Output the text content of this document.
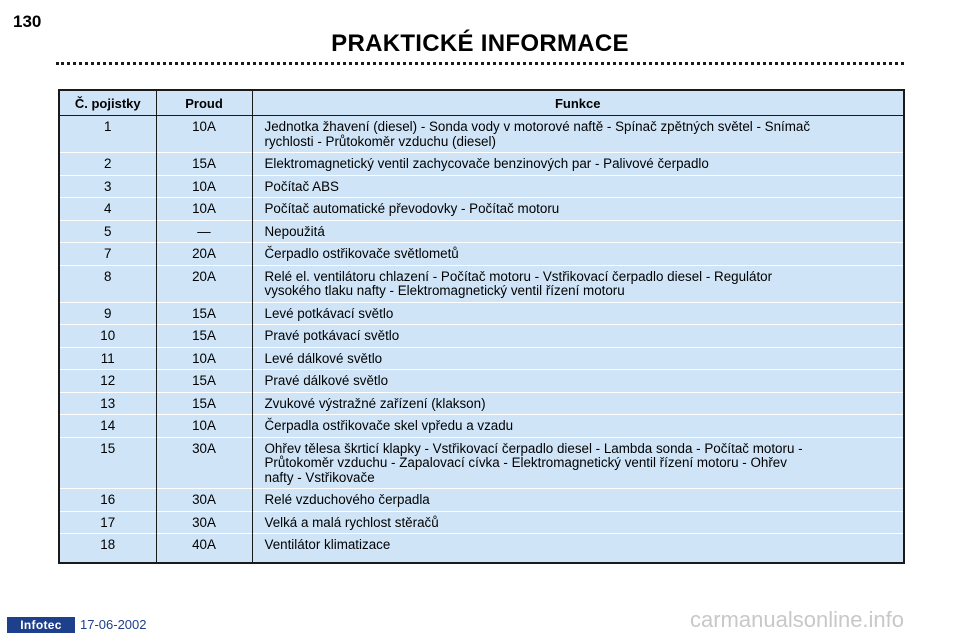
130
PRAKTICKÉ INFORMACE
Č. pojistky	Proud	Funkce
1	10A	Jednotka žhavení (diesel) - Sonda vody v motorové naftě - Spínač zpětných světel - Snímač
rychlosti - Průtokoměr vzduchu (diesel)

2	15A	Elektromagnetický ventil zachycovače benzinových par - Palivové čerpadlo

3	10A	Počítač ABS

4	10A	Počítač automatické převodovky - Počítač motoru

5	—	Nepoužitá

7	20A	Čerpadlo ostřikovače světlometů

8	20A	Relé el. ventilátoru chlazení - Počítač motoru - Vstřikovací čerpadlo diesel - Regulátor
vysokého tlaku nafty - Elektromagnetický ventil řízení motoru

9	15A	Levé potkávací světlo

10	15A	Pravé potkávací světlo

11	10A	Levé dálkové světlo

12	15A	Pravé dálkové světlo

13	15A	Zvukové výstražné zařízení (klakson)

14	10A	Čerpadla ostřikovače skel vpředu a vzadu

15	30A	Ohřev tělesa škrticí klapky - Vstřikovací čerpadlo diesel - Lambda sonda - Počítač motoru -
Průtokoměr vzduchu - Zapalovací cívka - Elektromagnetický ventil řízení motoru - Ohřev
nafty - Vstřikovače

16	30A	Relé vzduchového čerpadla

17	30A	Velká a malá rychlost stěračů

18	40A	Ventilátor klimatizace
Infotec	17-06-2002	carmanualsonline.info
